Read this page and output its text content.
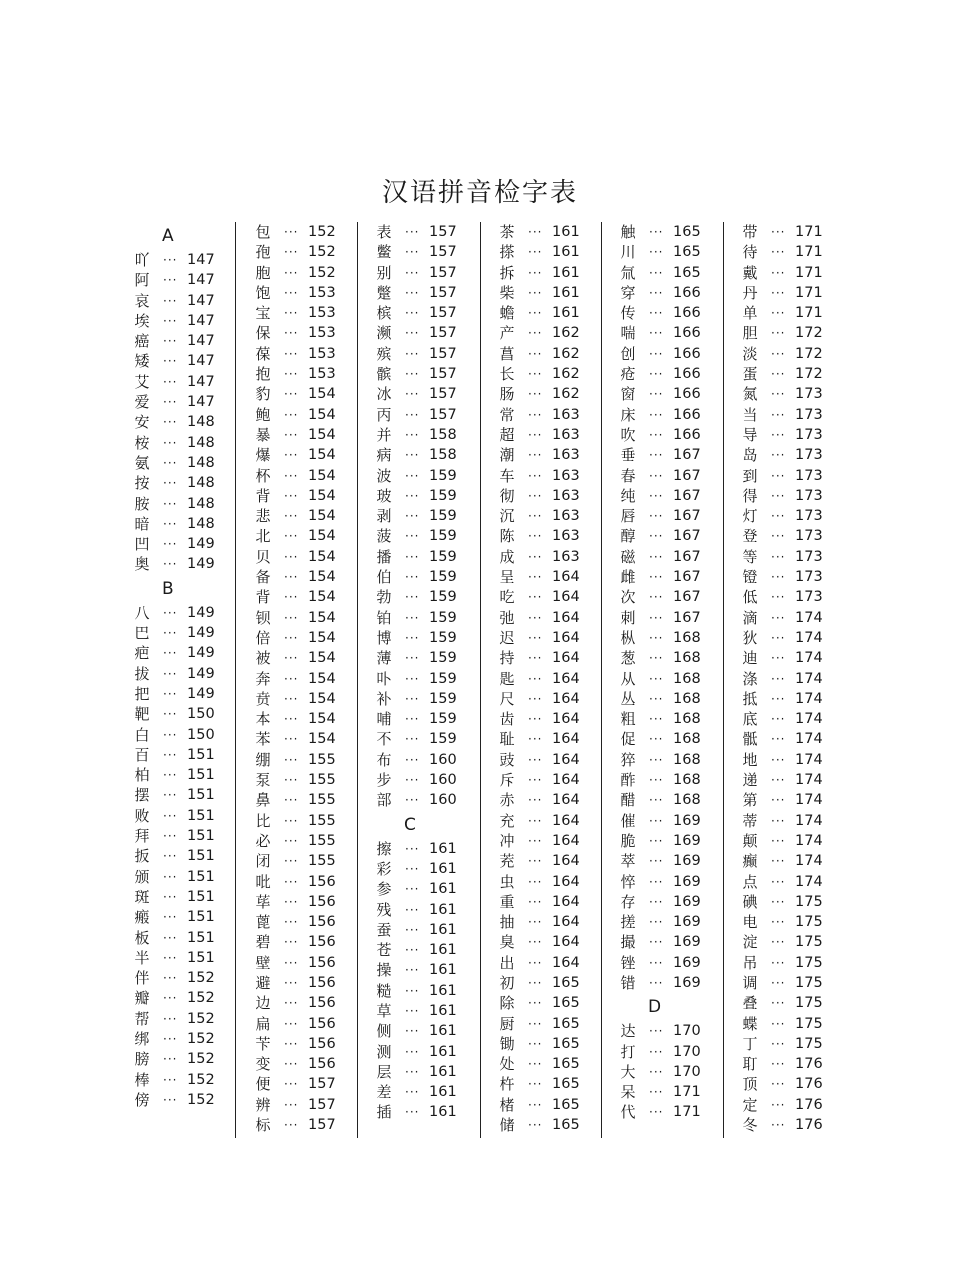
汉语拼音检字表
A
吖 ··· 147
阿 ··· 147
哀 ··· 147
埃 ··· 147
癌 ··· 147
矮 ··· 147
艾 ··· 147
爱 ··· 147
安 ··· 148
桉 ··· 148
氨 ··· 148
按 ··· 148
胺 ··· 148
暗 ··· 148
凹 ··· 149
奥 ··· 149
B
八 ··· 149
巴 ··· 149
疤 ··· 149
拔 ··· 149
把 ··· 149
靶 ··· 150
白 ··· 150
百 ··· 151
柏 ··· 151
摆 ··· 151
败 ··· 151
拜 ··· 151
扳 ··· 151
颁 ··· 151
斑 ··· 151
瘢 ··· 151
板 ··· 151
半 ··· 151
伴 ··· 152
瓣 ··· 152
帮 ··· 152
绑 ··· 152
膀 ··· 152
棒 ··· 152
傍 ··· 152
包 ··· 152
孢 ··· 152
胞 ··· 152
饱 ··· 153
宝 ··· 153
保 ··· 153
葆 ··· 153
抱 ··· 153
豹 ··· 154
鲍 ··· 154
暴 ··· 154
爆 ··· 154
杯 ··· 154
背 ··· 154
悲 ··· 154
北 ··· 154
贝 ··· 154
备 ··· 154
背 ··· 154
钡 ··· 154
倍 ··· 154
被 ··· 154
奔 ··· 154
贲 ··· 154
本 ··· 154
苯 ··· 154
绷 ··· 155
泵 ··· 155
鼻 ··· 155
比 ··· 155
必 ··· 155
闭 ··· 155
吡 ··· 156
荜 ··· 156
蓖 ··· 156
碧 ··· 156
壁 ··· 156
避 ··· 156
边 ··· 156
扁 ··· 156
苄 ··· 156
变 ··· 156
便 ··· 157
辨 ··· 157
标 ··· 157
表 ··· 157
鳖 ··· 157
别 ··· 157
蹩 ··· 157
槟 ··· 157
濒 ··· 157
殡 ··· 157
髌 ··· 157
冰 ··· 157
丙 ··· 157
并 ··· 158
病 ··· 158
波 ··· 159
玻 ··· 159
剥 ··· 159
菠 ··· 159
播 ··· 159
伯 ··· 159
勃 ··· 159
铂 ··· 159
博 ··· 159
薄 ··· 159
卟 ··· 159
补 ··· 159
哺 ··· 159
不 ··· 159
布 ··· 160
步 ··· 160
部 ··· 160
C
擦 ··· 161
彩 ··· 161
参 ··· 161
残 ··· 161
蚕 ··· 161
苍 ··· 161
操 ··· 161
糙 ··· 161
草 ··· 161
侧 ··· 161
测 ··· 161
层 ··· 161
差 ··· 161
插 ··· 161
茶 ··· 161
搽 ··· 161
拆 ··· 161
柴 ··· 161
蟾 ··· 161
产 ··· 162
菖 ··· 162
长 ··· 162
肠 ··· 162
常 ··· 163
超 ··· 163
潮 ··· 163
车 ··· 163
彻 ··· 163
沉 ··· 163
陈 ··· 163
成 ··· 163
呈 ··· 164
吃 ··· 164
弛 ··· 164
迟 ··· 164
持 ··· 164
匙 ··· 164
尺 ··· 164
齿 ··· 164
耻 ··· 164
豉 ··· 164
斥 ··· 164
赤 ··· 164
充 ··· 164
冲 ··· 164
茺 ··· 164
虫 ··· 164
重 ··· 164
抽 ··· 164
臭 ··· 164
出 ··· 164
初 ··· 165
除 ··· 165
厨 ··· 165
锄 ··· 165
处 ··· 165
杵 ··· 165
楮 ··· 165
储 ··· 165
触 ··· 165
川 ··· 165
氚 ··· 165
穿 ··· 166
传 ··· 166
喘 ··· 166
创 ··· 166
疮 ··· 166
窗 ··· 166
床 ··· 166
吹 ··· 166
垂 ··· 167
春 ··· 167
纯 ··· 167
唇 ··· 167
醇 ··· 167
磁 ··· 167
雌 ··· 167
次 ··· 167
刺 ··· 167
枞 ··· 168
葱 ··· 168
从 ··· 168
丛 ··· 168
粗 ··· 168
促 ··· 168
猝 ··· 168
酢 ··· 168
醋 ··· 168
催 ··· 169
脆 ··· 169
萃 ··· 169
悴 ··· 169
存 ··· 169
搓 ··· 169
撮 ··· 169
锉 ··· 169
错 ··· 169
D
达 ··· 170
打 ··· 170
大 ··· 170
呆 ··· 171
代 ··· 171
带 ··· 171
待 ··· 171
戴 ··· 171
丹 ··· 171
单 ··· 171
胆 ··· 172
淡 ··· 172
蛋 ··· 172
氮 ··· 173
当 ··· 173
导 ··· 173
岛 ··· 173
到 ··· 173
得 ··· 173
灯 ··· 173
登 ··· 173
等 ··· 173
镫 ··· 173
低 ··· 173
滴 ··· 174
狄 ··· 174
迪 ··· 174
涤 ··· 174
抵 ··· 174
底 ··· 174
骶 ··· 174
地 ··· 174
递 ··· 174
第 ··· 174
蒂 ··· 174
颠 ··· 174
癫 ··· 174
点 ··· 174
碘 ··· 175
电 ··· 175
淀 ··· 175
吊 ··· 175
调 ··· 175
叠 ··· 175
蝶 ··· 175
丁 ··· 175
耵 ··· 176
顶 ··· 176
定 ··· 176
冬 ··· 176
